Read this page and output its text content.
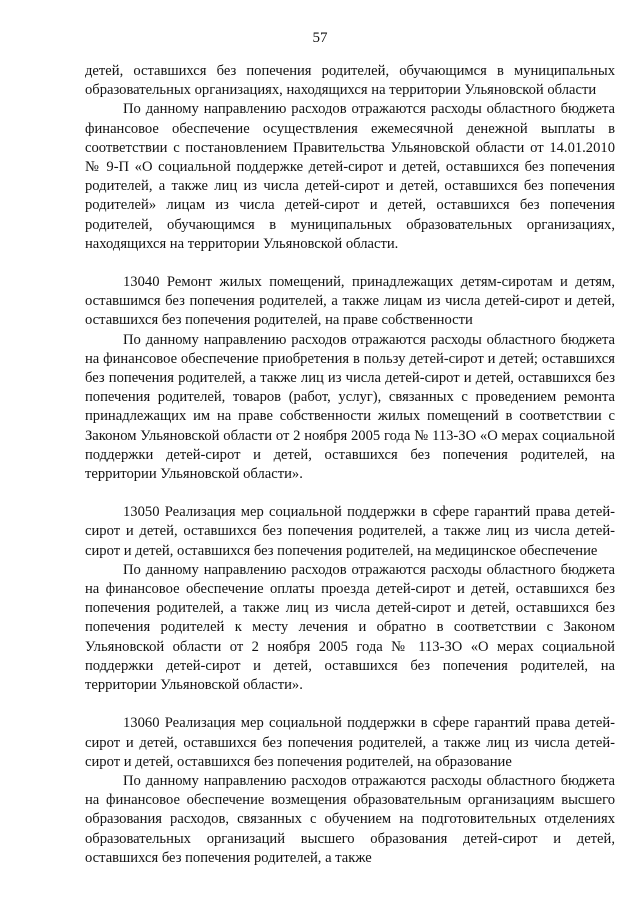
57

детей, оставшихся без попечения родителей, обучающимся в муниципальных образовательных организациях, находящихся на территории Ульяновской области

По данному направлению расходов отражаются расходы областного бюджета финансовое обеспечение осуществления ежемесячной денежной выплаты в соответствии с постановлением Правительства Ульяновской области от 14.01.2010 № 9-П «О социальной поддержке детей-сирот и детей, оставшихся без попечения родителей, а также лиц из числа детей-сирот и детей, оставшихся без попечения родителей» лицам из числа детей-сирот и детей, оставшихся без попечения родителей, обучающимся в муниципальных образовательных организациях, находящихся на территории Ульяновской области.

13040 Ремонт жилых помещений, принадлежащих детям-сиротам и детям, оставшимся без попечения родителей, а также лицам из числа детей-сирот и детей, оставшихся без попечения родителей, на праве собственности

По данному направлению расходов отражаются расходы областного бюджета на финансовое обеспечение приобретения в пользу детей-сирот и детей; оставшихся без попечения родителей, а также лиц из числа детей-сирот и детей, оставшихся без попечения родителей, товаров (работ, услуг), связанных с проведением ремонта принадлежащих им на праве собственности жилых помещений в соответствии с Законом Ульяновской области от 2 ноября 2005 года № 113-ЗО «О мерах социальной поддержки детей-сирот и детей, оставшихся без попечения родителей, на территории Ульяновской области».

13050 Реализация мер социальной поддержки в сфере гарантий права детей-сирот и детей, оставшихся без попечения родителей, а также лиц из числа детей-сирот и детей, оставшихся без попечения родителей, на медицинское обеспечение

По данному направлению расходов отражаются расходы областного бюджета на финансовое обеспечение оплаты проезда детей-сирот и детей, оставшихся без попечения родителей, а также лиц из числа детей-сирот и детей, оставшихся без попечения родителей к месту лечения и обратно в соответствии с Законом Ульяновской области от 2 ноября 2005 года № 113-ЗО «О мерах социальной поддержки детей-сирот и детей, оставшихся без попечения родителей, на территории Ульяновской области».

13060 Реализация мер социальной поддержки в сфере гарантий права детей-сирот и детей, оставшихся без попечения родителей, а также лиц из числа детей-сирот и детей, оставшихся без попечения родителей, на образование

По данному направлению расходов отражаются расходы областного бюджета на финансовое обеспечение возмещения образовательным организациям высшего образования расходов, связанных с обучением на подготовительных отделениях образовательных организаций высшего образования детей-сирот и детей, оставшихся без попечения родителей, а также
